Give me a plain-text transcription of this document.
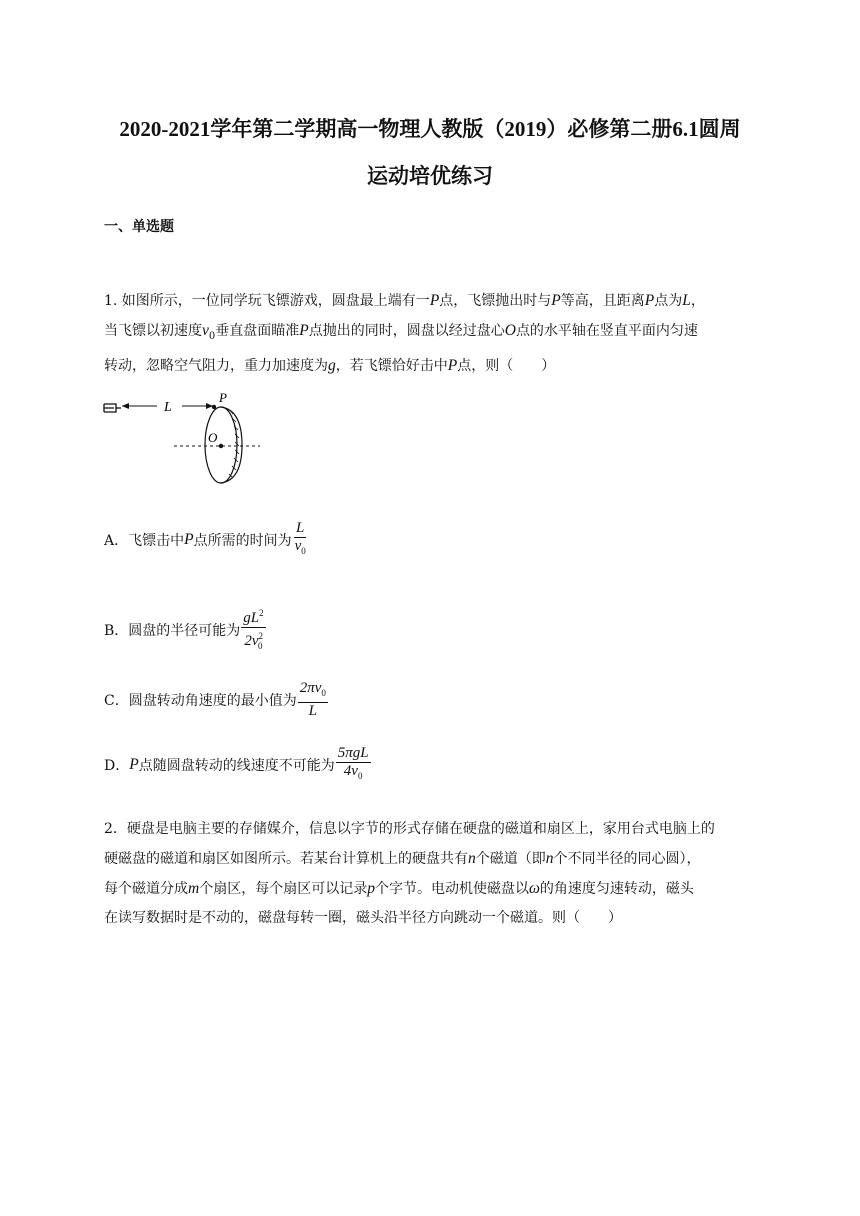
2020-2021学年第二学期高一物理人教版（2019）必修第二册6.1圆周
运动培优练习
一、单选题
1. 如图所示，一位同学玩飞镖游戏，圆盘最上端有一P点，飞镖抛出时与P等高，且距离P点为L，
当飞镖以初速度$v_0$垂直盘面瞄准P点抛出的同时，圆盘以经过盘心O点的水平轴在竖直平面内匀速
转动，忽略空气阻力，重力加速度为g，若飞镖恰好击中P点，则（　　）
L
P
O
A．飞镖击中 P 点所需的时间为 $\frac{L}{v_0}$
B．圆盘的半径可能为 $\frac{gL^2}{2v^2_0}$
C．圆盘转动角速度的最小值为 $\frac{2\pi v_0}{L}$
D． P 点随圆盘转动的线速度不可能为 $\frac{\text{5πgL}}{4v_0}$
2．硬盘是电脑主要的存储媒介，信息以字节的形式存储在硬盘的磁道和扇区上，家用台式电脑上的
硬磁盘的磁道和扇区如图所示。若某台计算机上的硬盘共有n个磁道（即n个不同半径的同心圆），
每个磁道分成m个扇区，每个扇区可以记录p个字节。电动机使磁盘以ω的角速度匀速转动，磁头
在读写数据时是不动的，磁盘每转一圈，磁头沿半径方向跳动一个磁道。则（　　）
